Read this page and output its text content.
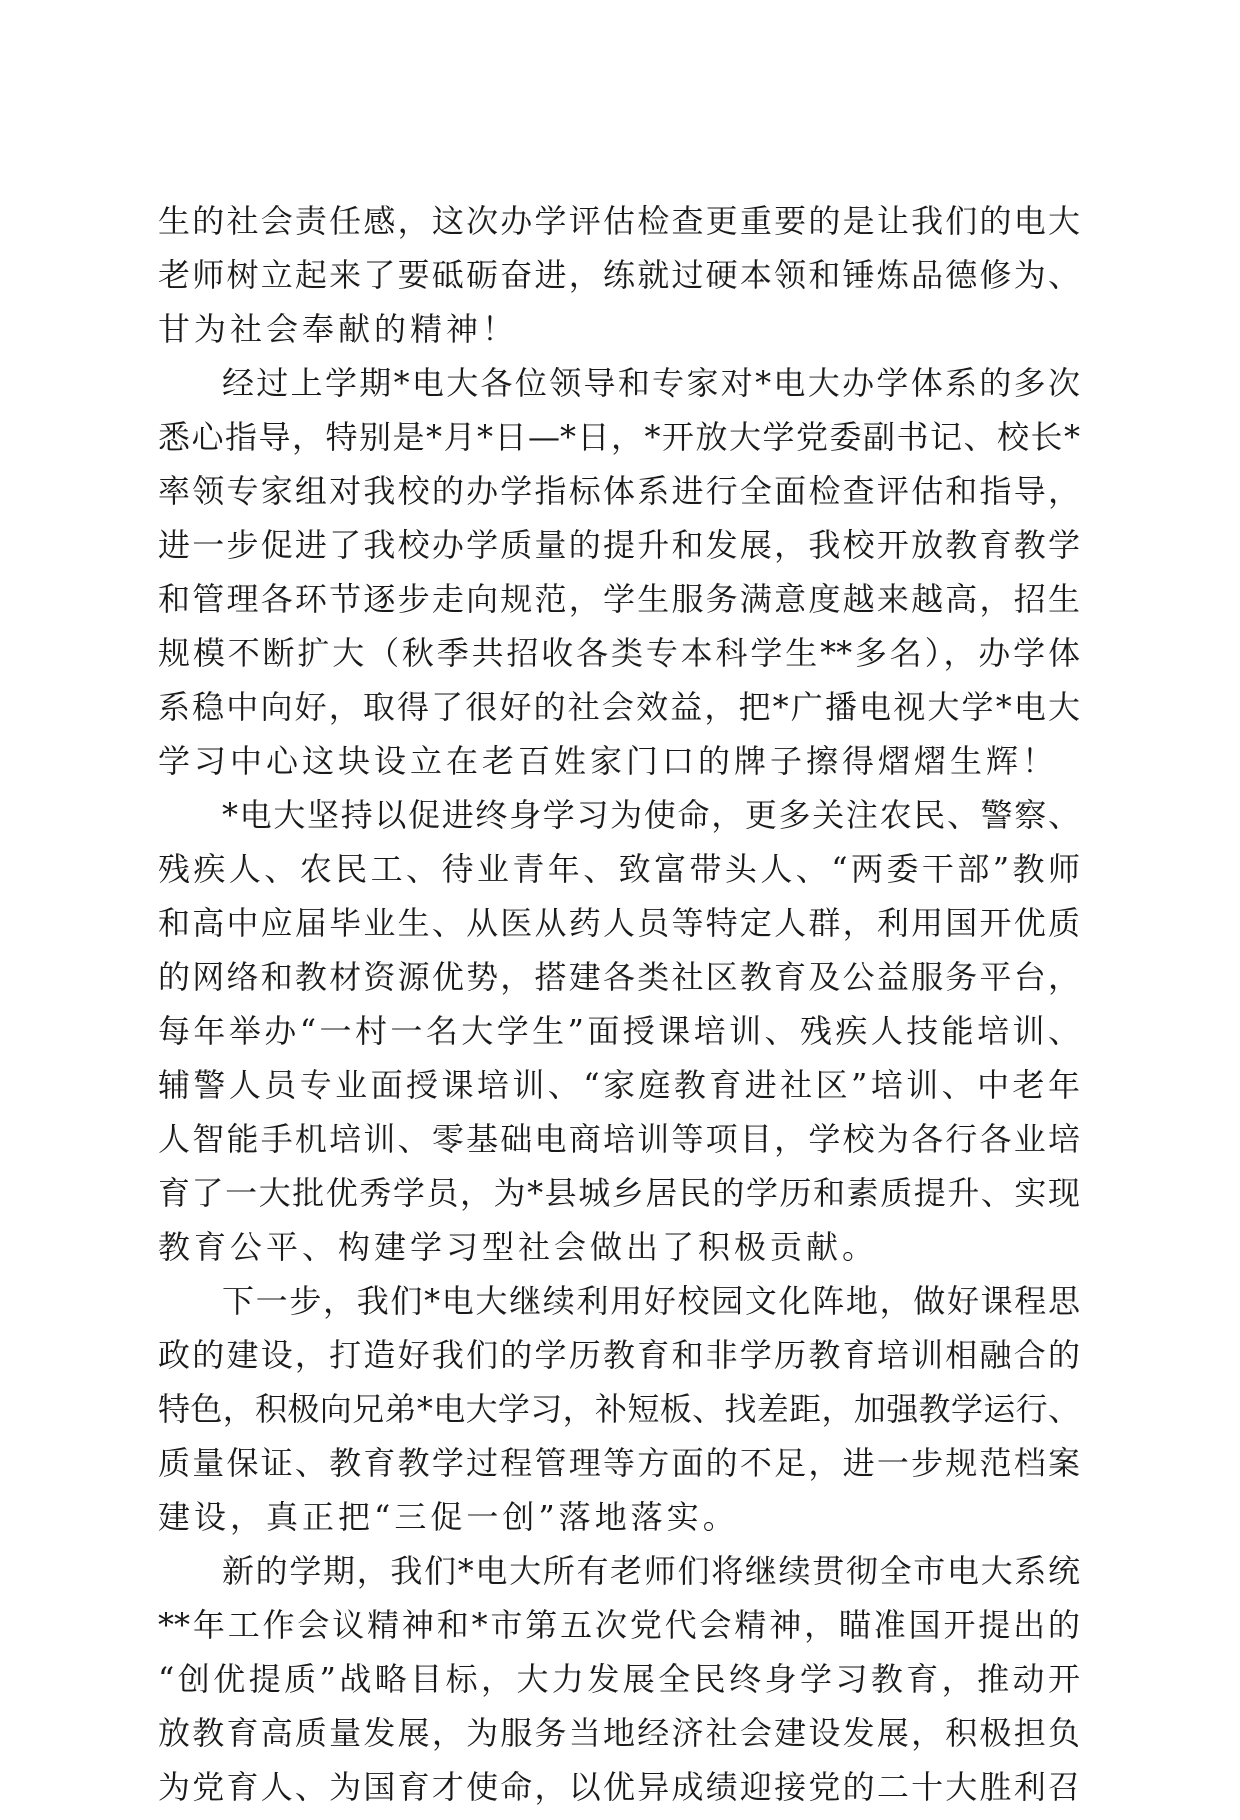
生的社会责任感，这次办学评估检查更重要的是让我们的电大
老师树立起来了要砥砺奋进，练就过硬本领和锤炼品德修为、
甘为社会奉献的精神！
经过上学期*电大各位领导和专家对*电大办学体系的多次
悉心指导，特别是*月*日—*日，*开放大学党委副书记、校长*
率领专家组对我校的办学指标体系进行全面检查评估和指导，
进一步促进了我校办学质量的提升和发展，我校开放教育教学
和管理各环节逐步走向规范，学生服务满意度越来越高，招生
规模不断扩大（秋季共招收各类专本科学生**多名），办学体
系稳中向好，取得了很好的社会效益，把*广播电视大学*电大
学习中心这块设立在老百姓家门口的牌子擦得熠熠生辉！
*电大坚持以促进终身学习为使命，更多关注农民、警察、
残疾人、农民工、待业青年、致富带头人、“两委干部”教师
和高中应届毕业生、从医从药人员等特定人群，利用国开优质
的网络和教材资源优势，搭建各类社区教育及公益服务平台，
每年举办“一村一名大学生”面授课培训、残疾人技能培训、
辅警人员专业面授课培训、“家庭教育进社区”培训、中老年
人智能手机培训、零基础电商培训等项目，学校为各行各业培
育了一大批优秀学员，为*县城乡居民的学历和素质提升、实现
教育公平、构建学习型社会做出了积极贡献。
下一步，我们*电大继续利用好校园文化阵地，做好课程思
政的建设，打造好我们的学历教育和非学历教育培训相融合的
特色，积极向兄弟*电大学习，补短板、找差距，加强教学运行、
质量保证、教育教学过程管理等方面的不足，进一步规范档案
建设，真正把“三促一创”落地落实。
新的学期，我们*电大所有老师们将继续贯彻全市电大系统
**年工作会议精神和*市第五次党代会精神，瞄准国开提出的
“创优提质”战略目标，大力发展全民终身学习教育，推动开
放教育高质量发展，为服务当地经济社会建设发展，积极担负
为党育人、为国育才使命，以优异成绩迎接党的二十大胜利召
